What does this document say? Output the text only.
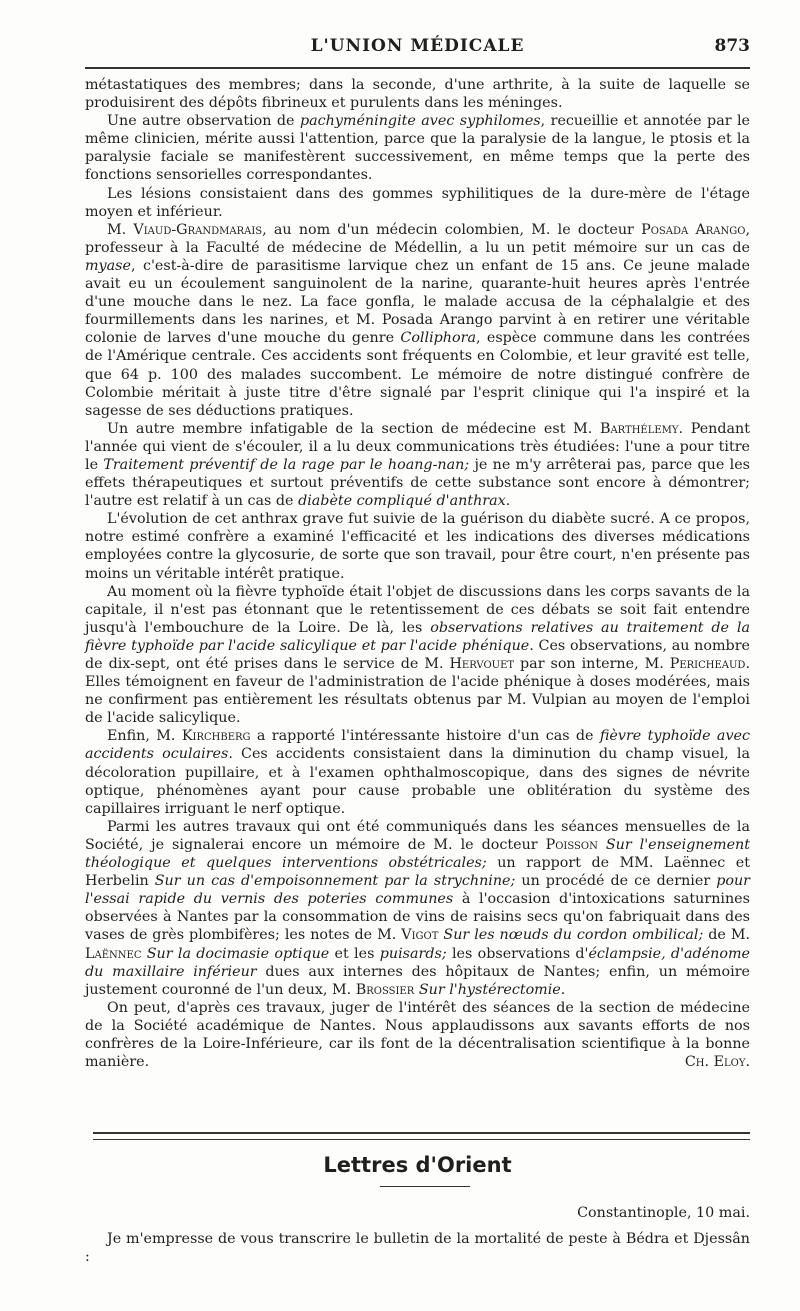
L'UNION MÉDICALE	873

métastatiques des membres; dans la seconde, d'une arthrite, à la suite de laquelle se produisirent des dépôts fibrineux et purulents dans les méninges.

Une autre observation de pachyméningite avec syphilomes, recueillie et annotée par le même clinicien, mérite aussi l'attention, parce que la paralysie de la langue, le ptosis et la paralysie faciale se manifestèrent successivement, en même temps que la perte des fonctions sensorielles correspondantes.

Les lésions consistaient dans des gommes syphilitiques de la dure-mère de l'étage moyen et inférieur.

M. Viaud-Grandmarais, au nom d'un médecin colombien, M. le docteur Posada Arango, professeur à la Faculté de médecine de Médellin, a lu un petit mémoire sur un cas de myase, c'est-à-dire de parasitisme larvique chez un enfant de 15 ans. Ce jeune malade avait eu un écoulement sanguinolent de la narine, quarante-huit heures après l'entrée d'une mouche dans le nez. La face gonfla, le malade accusa de la céphalalgie et des fourmillements dans les narines, et M. Posada Arango parvint à en retirer une véritable colonie de larves d'une mouche du genre Colliphora, espèce commune dans les contrées de l'Amérique centrale. Ces accidents sont fréquents en Colombie, et leur gravité est telle, que 64 p. 100 des malades succombent. Le mémoire de notre distingué confrère de Colombie méritait à juste titre d'être signalé par l'esprit clinique qui l'a inspiré et la sagesse de ses déductions pratiques.

Un autre membre infatigable de la section de médecine est M. Barthélemy. Pendant l'année qui vient de s'écouler, il a lu deux communications très étudiées: l'une a pour titre le Traitement préventif de la rage par le hoang-nan; je ne m'y arrêterai pas, parce que les effets thérapeutiques et surtout préventifs de cette substance sont encore à démontrer; l'autre est relatif à un cas de diabète compliqué d'anthrax.

L'évolution de cet anthrax grave fut suivie de la guérison du diabète sucré. A ce propos, notre estimé confrère a examiné l'efficacité et les indications des diverses médications employées contre la glycosurie, de sorte que son travail, pour être court, n'en présente pas moins un véritable intérêt pratique.

Au moment où la fièvre typhoïde était l'objet de discussions dans les corps savants de la capitale, il n'est pas étonnant que le retentissement de ces débats se soit fait entendre jusqu'à l'embouchure de la Loire. De là, les observations relatives au traitement de la fièvre typhoïde par l'acide salicylique et par l'acide phénique. Ces observations, au nombre de dix-sept, ont été prises dans le service de M. Hervouet par son interne, M. Pericheaud. Elles témoignent en faveur de l'administration de l'acide phénique à doses modérées, mais ne confirment pas entièrement les résultats obtenus par M. Vulpian au moyen de l'emploi de l'acide salicylique.

Enfin, M. Kirchberg a rapporté l'intéressante histoire d'un cas de fièvre typhoïde avec accidents oculaires. Ces accidents consistaient dans la diminution du champ visuel, la décoloration pupillaire, et à l'examen ophthalmoscopique, dans des signes de névrite optique, phénomènes ayant pour cause probable une oblitération du système des capillaires irriguant le nerf optique.

Parmi les autres travaux qui ont été communiqués dans les séances mensuelles de la Société, je signalerai encore un mémoire de M. le docteur Poisson Sur l'enseignement théologique et quelques interventions obstétricales; un rapport de MM. Laënnec et Herbelin Sur un cas d'empoisonnement par la strychnine; un procédé de ce dernier pour l'essai rapide du vernis des poteries communes à l'occasion d'intoxications saturnines observées à Nantes par la consommation de vins de raisins secs qu'on fabriquait dans des vases de grès plombifères; les notes de M. Vigot Sur les nœuds du cordon ombilical; de M. Laënnec Sur la docimasie optique et les puisards; les observations d'éclampsie, d'adénome du maxillaire inférieur dues aux internes des hôpitaux de Nantes; enfin, un mémoire justement couronné de l'un deux, M. Brossier Sur l'hystérectomie.

On peut, d'après ces travaux, juger de l'intérêt des séances de la section de médecine de la Société académique de Nantes. Nous applaudissons aux savants efforts de nos confrères de la Loire-Inférieure, car ils font de la décentralisation scientifique à la bonne manière.	Ch. Eloy.

Lettres d'Orient
Constantinople, 10 mai.

Je m'empresse de vous transcrire le bulletin de la mortalité de peste à Bédra et Djessân :
